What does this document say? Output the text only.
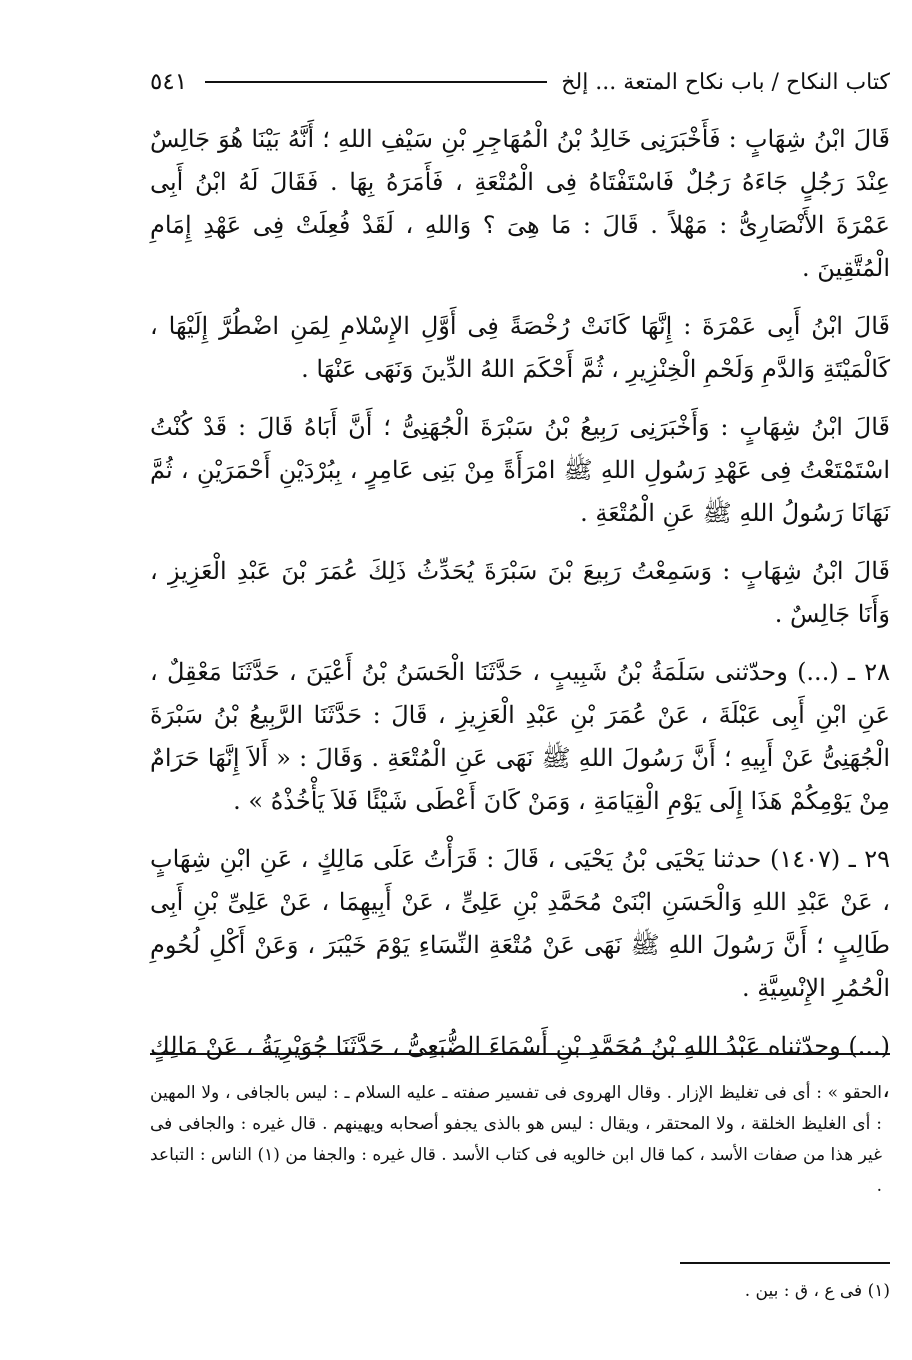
كتاب النكاح / باب نكاح المتعة ... إلخ
٥٤١

قَالَ ابْنُ شِهَابٍ : فَأَخْبَرَنِى خَالِدُ بْنُ الْمُهَاجِرِ بْنِ سَيْفِ اللهِ ؛ أَنَّهُ بَيْنَا هُوَ جَالِسٌ عِنْدَ رَجُلٍ جَاءَهُ رَجُلٌ فَاسْتَفْتَاهُ فِى الْمُتْعَةِ ، فَأَمَرَهُ بِهَا . فَقَالَ لَهُ ابْنُ أَبِى عَمْرَةَ الأَنْصَارِىُّ : مَهْلاً . قَالَ : مَا هِىَ ؟ وَاللهِ ، لَقَدْ فُعِلَتْ فِى عَهْدِ إِمَامِ الْمُتَّقِينَ .

قَالَ ابْنُ أَبِى عَمْرَةَ : إِنَّهَا كَانَتْ رُخْصَةً فِى أَوَّلِ الإِسْلامِ لِمَنِ اضْطُرَّ إِلَيْهَا ، كَالْمَيْتَةِ وَالدَّمِ وَلَحْمِ الْخِنْزِيرِ ، ثُمَّ أَحْكَمَ اللهُ الدِّينَ وَنَهَى عَنْهَا .

قَالَ ابْنُ شِهَابٍ : وَأَخْبَرَنِى رَبِيعُ بْنُ سَبْرَةَ الْجُهَنِىُّ ؛ أَنَّ أَبَاهُ قَالَ : قَدْ كُنْتُ اسْتَمْتَعْتُ فِى عَهْدِ رَسُولِ اللهِ ﷺ امْرَأَةً مِنْ بَنِى عَامِرٍ ، بِبُرْدَيْنِ أَحْمَرَيْنِ ، ثُمَّ نَهَانَا رَسُولُ اللهِ ﷺ عَنِ الْمُتْعَةِ .

قَالَ ابْنُ شِهَابٍ : وَسَمِعْتُ رَبِيعَ بْنَ سَبْرَةَ يُحَدِّثُ ذَلِكَ عُمَرَ بْنَ عَبْدِ الْعَزِيزِ ، وَأَنَا جَالِسٌ .

٢٨ ـ (...) وحدّثنى سَلَمَةُ بْنُ شَبِيبٍ ، حَدَّثَنَا الْحَسَنُ بْنُ أَعْيَنَ ، حَدَّثَنَا مَعْقِلٌ ، عَنِ ابْنِ أَبِى عَبْلَةَ ، عَنْ عُمَرَ بْنِ عَبْدِ الْعَزِيزِ ، قَالَ : حَدَّثَنَا الرَّبِيعُ بْنُ سَبْرَةَ الْجُهَنِىُّ عَنْ أَبِيهِ ؛ أَنَّ رَسُولَ اللهِ ﷺ نَهَى عَنِ الْمُتْعَةِ . وَقَالَ : « أَلاَ إِنَّهَا حَرَامٌ مِنْ يَوْمِكُمْ هَذَا إِلَى يَوْمِ الْقِيَامَةِ ، وَمَنْ كَانَ أَعْطَى شَيْئًا فَلاَ يَأْخُذْهُ » .

٢٩ ـ (١٤٠٧) حدثنا يَحْيَى بْنُ يَحْيَى ، قَالَ : قَرَأْتُ عَلَى مَالِكٍ ، عَنِ ابْنِ شِهَابٍ ، عَنْ عَبْدِ اللهِ وَالْحَسَنِ ابْنَىْ مُحَمَّدِ بْنِ عَلِىٍّ ، عَنْ أَبِيهِمَا ، عَنْ عَلِىِّ بْنِ أَبِى طَالِبٍ ؛ أَنَّ رَسُولَ اللهِ ﷺ نَهَى عَنْ مُتْعَةِ النِّسَاءِ يَوْمَ خَيْبَرَ ، وَعَنْ أَكْلِ لُحُومِ الْحُمُرِ الإِنْسِيَّةِ .

(...) وحدّثناه عَبْدُ اللهِ بْنُ مُحَمَّدِ بْنِ أَسْمَاءَ الضُّبَعِىُّ ، حَدَّثَنَا جُوَيْرِيَةُ ، عَنْ مَالِكٍ ،

الحقو » : أى فى تغليظ الإزار . وقال الهروى فى تفسير صفته ـ عليه السلام ـ : ليس بالجافى ، ولا المهين : أى الغليظ الخلقة ، ولا المحتقر ، ويقال : ليس هو بالذى يجفو أصحابه ويهينهم . قال غيره : والجافى فى غير هذا من صفات الأسد ، كما قال ابن خالويه فى كتاب الأسد . قال غيره : والجفا من (١) الناس : التباعد .

(١) فى ع ، ق : بين .
